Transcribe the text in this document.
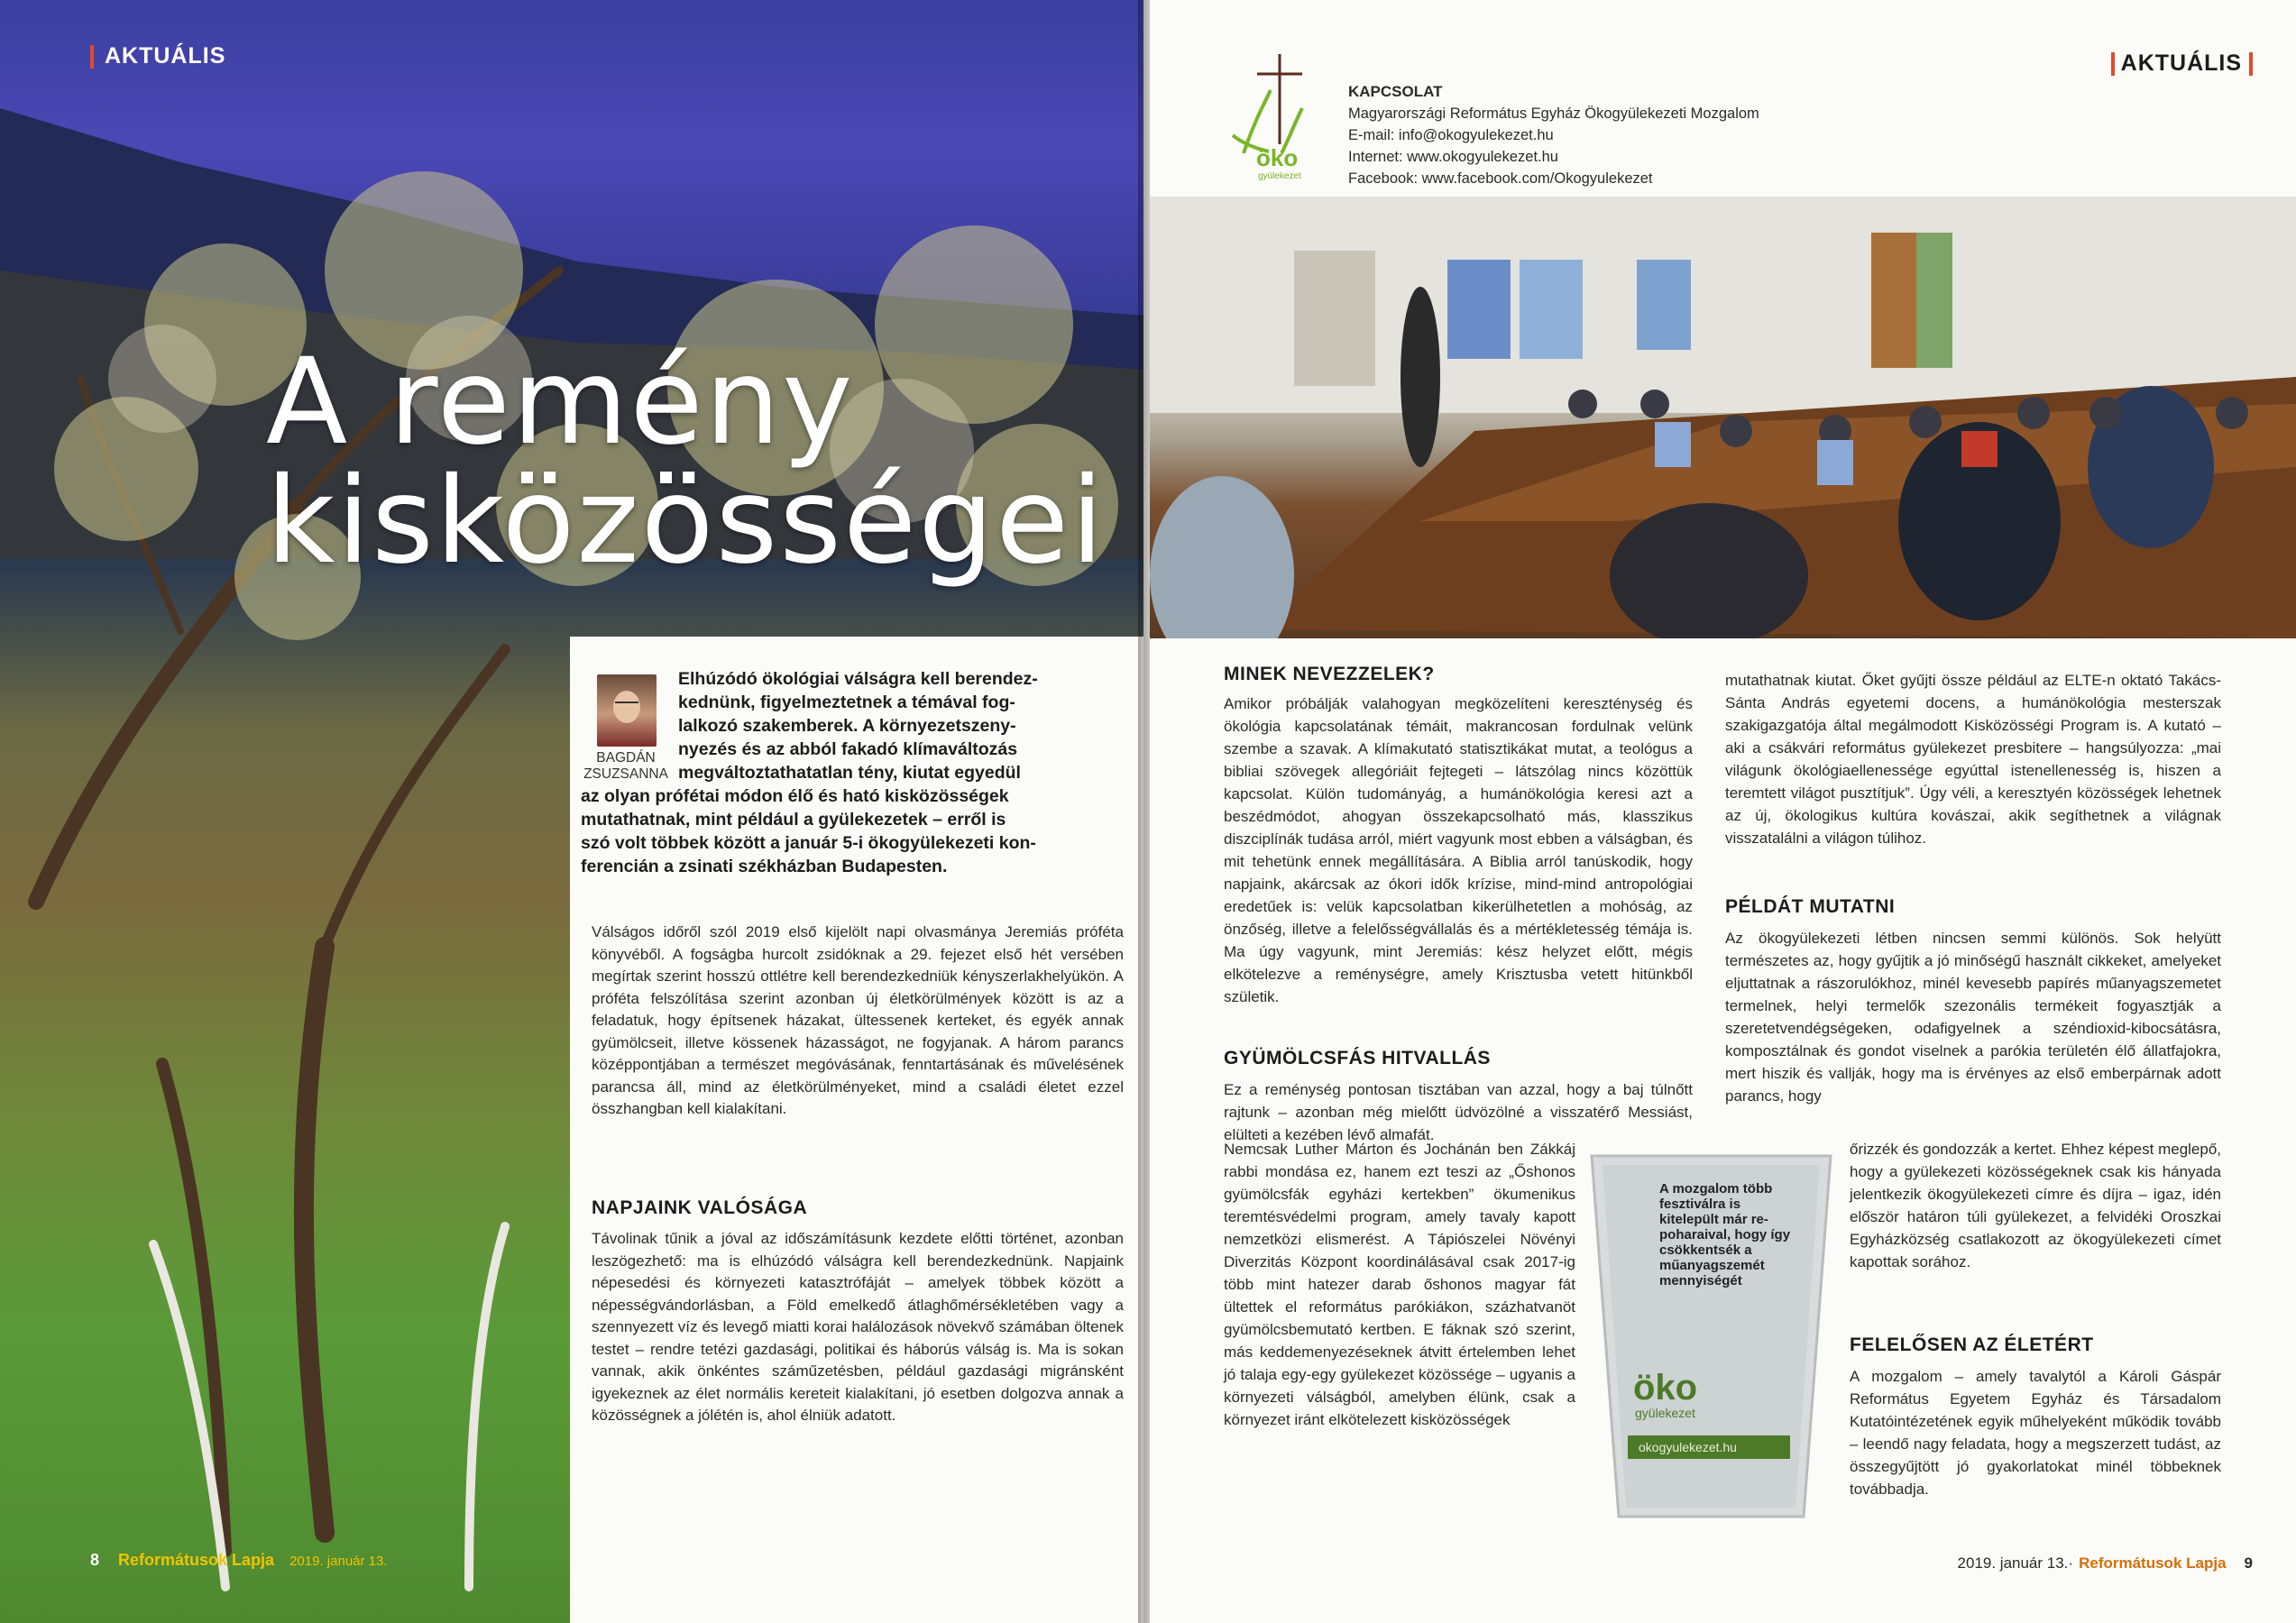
AKTUÁLIS
A remény
kisközösségei
Elhúzódó ökológiai válságra kell berendez-
kednünk, figyelmeztetnek a témával fog-
lalkozó szakemberek. A környezetszeny-
nyezés és az abból fakadó klímaváltozás
megváltoztathatatlan tény, kiutat egyedül
az olyan prófétai módon élő és ható kisközösségek
mutathatnak, mint például a gyülekezetek – erről is
szó volt többek között a január 5-i ökogyülekezeti kon-
ferencián a zsinati székházban Budapesten.
BAGDÁN
ZSUZSANNA
Válságos időről szól 2019 első kijelölt napi olvasmánya Jeremiás próféta könyvéből. A fogságba hurcolt zsidóknak a 29. fejezet első hét versében megírtak szerint hosszú ottlétre kell berendezkedniük kényszerlakhelyükön. A próféta felszólítása szerint azonban új életkörülmények között is az a feladatuk, hogy építsenek házakat, ültessenek kerteket, és egyék annak gyümölcseit, illetve kössenek házasságot, ne fogyjanak. A három parancs középpontjában a természet megóvásának, fenntartásának és művelésének parancsa áll, mind az életkörülményeket, mind a családi életet ezzel összhangban kell kialakítani.
NAPJAINK VALÓSÁGA
Távolinak tűnik a jóval az időszámításunk kezdete előtti történet, azonban leszögezhető: ma is elhúzódó válságra kell berendezkednünk. Napjaink népesedési és környezeti katasztrófáját – amelyek többek között a népességvándorlásban, a Föld emelkedő átlaghőmérsékletében vagy a szennyezett víz és levegő miatti korai halálozások növekvő számában öltenek testet – rendre tetézi gazdasági, politikai és háborús válság is. Ma is sokan vannak, akik önkéntes száműzetésben, például gazdasági migránsként igyekeznek az élet normális kereteit kialakítani, jó esetben dolgozva annak a közösségnek a jólétén is, ahol élniük adatott.
8 Reformátusok Lapja 2019. január 13.
AKTUÁLIS
öko
gyülekezet
KAPCSOLAT
Magyarországi Református Egyház Ökogyülekezeti Mozgalom
E-mail: info@okogyulekezet.hu
Internet: www.okogyulekezet.hu
Facebook: www.facebook.com/Okogyulekezet
MINEK NEVEZZELEK?
Amikor próbálják valahogyan megközelíteni kereszténység és ökológia kapcsolatának témáit, makrancosan fordulnak velünk szembe a szavak. A klímakutató statisztikákat mutat, a teológus a bibliai szövegek allegóriáit fejtegeti – látszólag nincs közöttük kapcsolat. Külön tudományág, a humánökológia keresi azt a beszédmódot, ahogyan összekapcsolható más, klasszikus diszciplínák tudása arról, miért vagyunk most ebben a válságban, és mit tehetünk ennek megállítására. A Biblia arról tanúskodik, hogy napjaink, akárcsak az ókori idők krízise, mind-mind antropológiai eredetűek is: velük kapcsolatban kikerülhetetlen a mohóság, az önzőség, illetve a felelősségvállalás és a mértékletesség témája is. Ma úgy vagyunk, mint Jeremiás: kész helyzet előtt, mégis elkötelezve a reménységre, amely Krisztusba vetett hitünkből születik.
GYÜMÖLCSFÁS HITVALLÁS
Ez a reménység pontosan tisztában van azzal, hogy a baj túlnőtt rajtunk – azonban még mielőtt üdvözölné a visszatérő Messiást, elülteti a kezében lévő almafát.
Nemcsak Luther Márton és Jochánán ben Zákkáj rabbi mondása ez, hanem ezt teszi az „Őshonos gyümölcsfák egyházi kertekben” ökumenikus teremtésvédelmi program, amely tavaly kapott nemzetközi elismerést. A Tápiószelei Növényi Diverzitás Központ koordinálásával csak 2017-ig több mint hatezer darab őshonos magyar fát ültettek el református parókiákon, százhatvanöt gyümölcsbemutató kertben. E fáknak szó szerint, más keddemenyezéseknek átvitt értelemben lehet jó talaja egy-egy gyülekezet közössége – ugyanis a környezeti válságból, amelyben élünk, csak a környezet iránt elkötelezett kisközösségek
öko
gyülekezet
okogyulekezet.hu
A mozgalom több fesztiválra is kitelepült már re-poharaival, hogy így csökkentsék a műanyagszemét mennyiségét
mutathatnak kiutat. Őket gyűjti össze például az ELTE-n oktató Takács-Sánta András egyetemi docens, a humánökológia mesterszak szakigazgatója által megálmodott Kisközösségi Program is. A kutató – aki a csákvári református gyülekezet presbitere – hangsúlyozza: „mai világunk ökológiaellenessége egyúttal istenellenesség is, hiszen a teremtett világot pusztítjuk”. Úgy véli, a keresztyén közösségek lehetnek az új, ökologikus kultúra kovászai, akik segíthetnek a világnak visszatalálni a világon túlihoz.
PÉLDÁT MUTATNI
Az ökogyülekezeti létben nincsen semmi különös. Sok helyütt természetes az, hogy gyűjtik a jó minőségű használt cikkeket, amelyeket eljuttatnak a rászorulókhoz, minél kevesebb papírés műanyagszemetet termelnek, helyi termelők szezonális termékeit fogyasztják a szeretetvendégségeken, odafigyelnek a széndioxid-kibocsátásra, komposztálnak és gondot viselnek a parókia területén élő állatfajokra, mert hiszik és vallják, hogy ma is érvényes az első emberpárnak adott parancs, hogy
őrizzék és gondozzák a kertet. Ehhez képest meglepő, hogy a gyülekezeti közösségeknek csak kis hányada jelentkezik ökogyülekezeti címre és díjra – igaz, idén először határon túli gyülekezet, a felvidéki Oroszkai Egyházközség csatlakozott az ökogyülekezeti címet kapottak sorához.
FELELŐSEN AZ ÉLETÉRT
A mozgalom – amely tavalytól a Károli Gáspár Református Egyetem Egyház és Társadalom Kutatóintézetének egyik műhelyeként működik tovább – leendő nagy feladata, hogy a megszerzett tudást, az összegyűjtött jó gyakorlatokat minél többeknek továbbadja.
2019. január 13.· Reformátusok Lapja 9
